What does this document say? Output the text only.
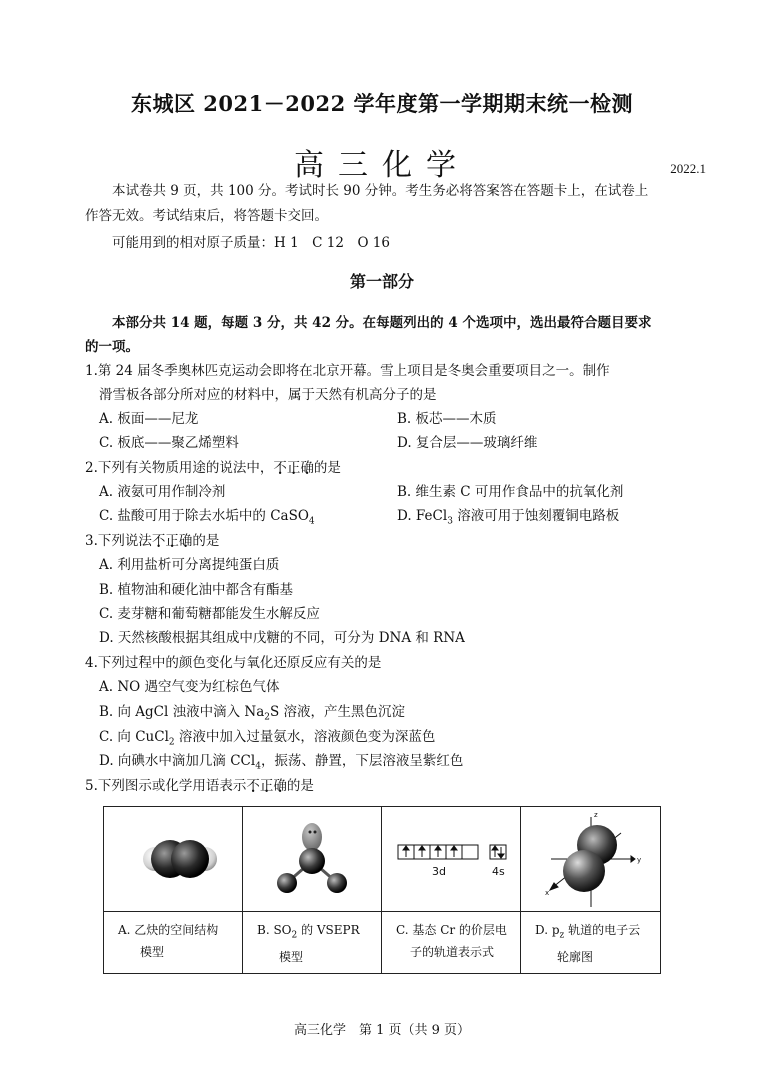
东城区 2021－2022 学年度第一学期期末统一检测
高三化学	2022.1
本试卷共 9 页，共 100 分。考试时长 90 分钟。考生务必将答案答在答题卡上，在试卷上
作答无效。考试结束后，将答题卡交回。
可能用到的相对原子质量：H 1　C 12　O 16
第一部分
本部分共 14 题，每题 3 分，共 42 分。在每题列出的 4 个选项中，选出最符合题目要求
的一项。
1.第 24 届冬季奥林匹克运动会即将在北京开幕。雪上项目是冬奥会重要项目之一。制作
滑雪板各部分所对应的材料中，属于天然有机高分子的是
A. 板面——尼龙	B. 板芯——木质
C. 板底——聚乙烯塑料	D. 复合层——玻璃纤维
2.下列有关物质用途的说法中，不正确的是
A. 液氨可用作制冷剂	B. 维生素 C 可用作食品中的抗氧化剂
C. 盐酸可用于除去水垢中的 CaSO$_4$	D. FeCl$_3$ 溶液可用于蚀刻覆铜电路板
3.下列说法不正确的是
A. 利用盐析可分离提纯蛋白质
B. 植物油和硬化油中都含有酯基
C. 麦芽糖和葡萄糖都能发生水解反应
D. 天然核酸根据其组成中戊糖的不同，可分为 DNA 和 RNA
4.下列过程中的颜色变化与氧化还原反应有关的是
A. NO 遇空气变为红棕色气体
B. 向 AgCl 浊液中滴入 $Na_2S$ 溶液，产生黑色沉淀
C. 向 CuCl$_2$ 溶液中加入过量氨水，溶液颜色变为深蓝色
D. 向碘水中滴加几滴 CCl$_4$，振荡、静置，下层溶液呈紫红色
5.下列图示或化学用语表示不正确的是
A. 乙炔的空间结构
模型
B. $SO_2$ 的 VSEPR
模型
3d	4s
C. 基态 Cr 的价层电
子的轨道表示式
y
x
z
D. $p_z$ 轨道的电子云
轮廓图
高三化学　第 1 页（共 9 页）
